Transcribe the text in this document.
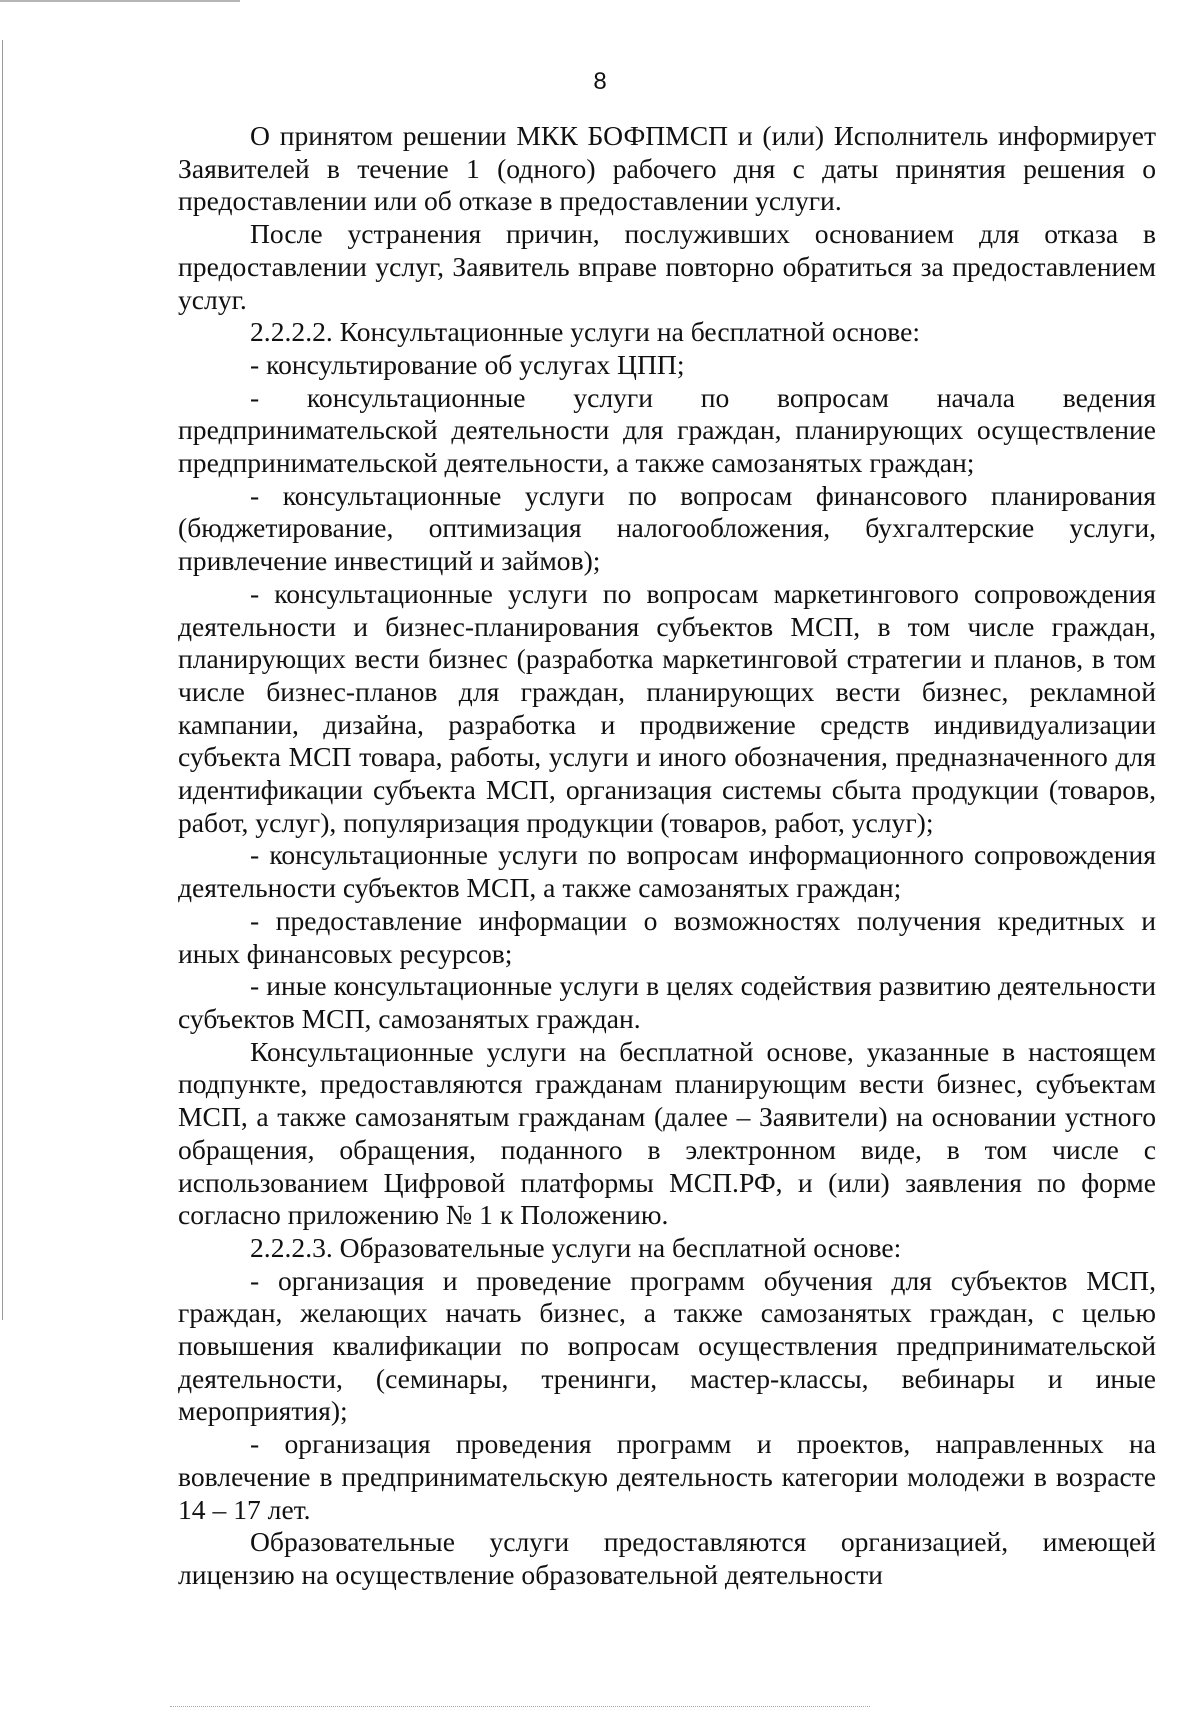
8

О принятом решении МКК БОФПМСП и (или) Исполнитель информирует Заявителей в течение 1 (одного) рабочего дня с даты принятия решения о предоставлении или об отказе в предоставлении услуги.

После устранения причин, послуживших основанием для отказа в предоставлении услуг, Заявитель вправе повторно обратиться за предоставлением услуг.

2.2.2.2. Консультационные услуги на бесплатной основе:

- консультирование об услугах ЦПП;

- консультационные услуги по вопросам начала ведения предпринимательской деятельности для граждан, планирующих осуществление предпринимательской деятельности, а также самозанятых граждан;

- консультационные услуги по вопросам финансового планирования (бюджетирование, оптимизация налогообложения, бухгалтерские услуги, привлечение инвестиций и займов);

- консультационные услуги по вопросам маркетингового сопровождения деятельности и бизнес-планирования субъектов МСП, в том числе граждан, планирующих вести бизнес (разработка маркетинговой стратегии и планов, в том числе бизнес-планов для граждан, планирующих вести бизнес, рекламной кампании, дизайна, разработка и продвижение средств индивидуализации субъекта МСП товара, работы, услуги и иного обозначения, предназначенного для идентификации субъекта МСП, организация системы сбыта продукции (товаров, работ, услуг), популяризация продукции (товаров, работ, услуг);

- консультационные услуги по вопросам информационного сопровождения деятельности субъектов МСП, а также самозанятых граждан;

- предоставление информации о возможностях получения кредитных и иных финансовых ресурсов;

- иные консультационные услуги в целях содействия развитию деятельности субъектов МСП, самозанятых граждан.

Консультационные услуги на бесплатной основе, указанные в настоящем подпункте, предоставляются гражданам планирующим вести бизнес, субъектам МСП, а также самозанятым гражданам (далее – Заявители) на основании устного обращения, обращения, поданного в электронном виде, в том числе с использованием Цифровой платформы МСП.РФ, и (или) заявления по форме согласно приложению № 1 к Положению.

2.2.2.3. Образовательные услуги на бесплатной основе:

- организация и проведение программ обучения для субъектов МСП, граждан, желающих начать бизнес, а также самозанятых граждан, с целью повышения квалификации по вопросам осуществления предпринимательской деятельности, (семинары, тренинги, мастер-классы, вебинары и иные мероприятия);

- организация проведения программ и проектов, направленных на вовлечение в предпринимательскую деятельность категории молодежи в возрасте 14 – 17 лет.

Образовательные услуги предоставляются организацией, имеющей лицензию на осуществление образовательной деятельности
